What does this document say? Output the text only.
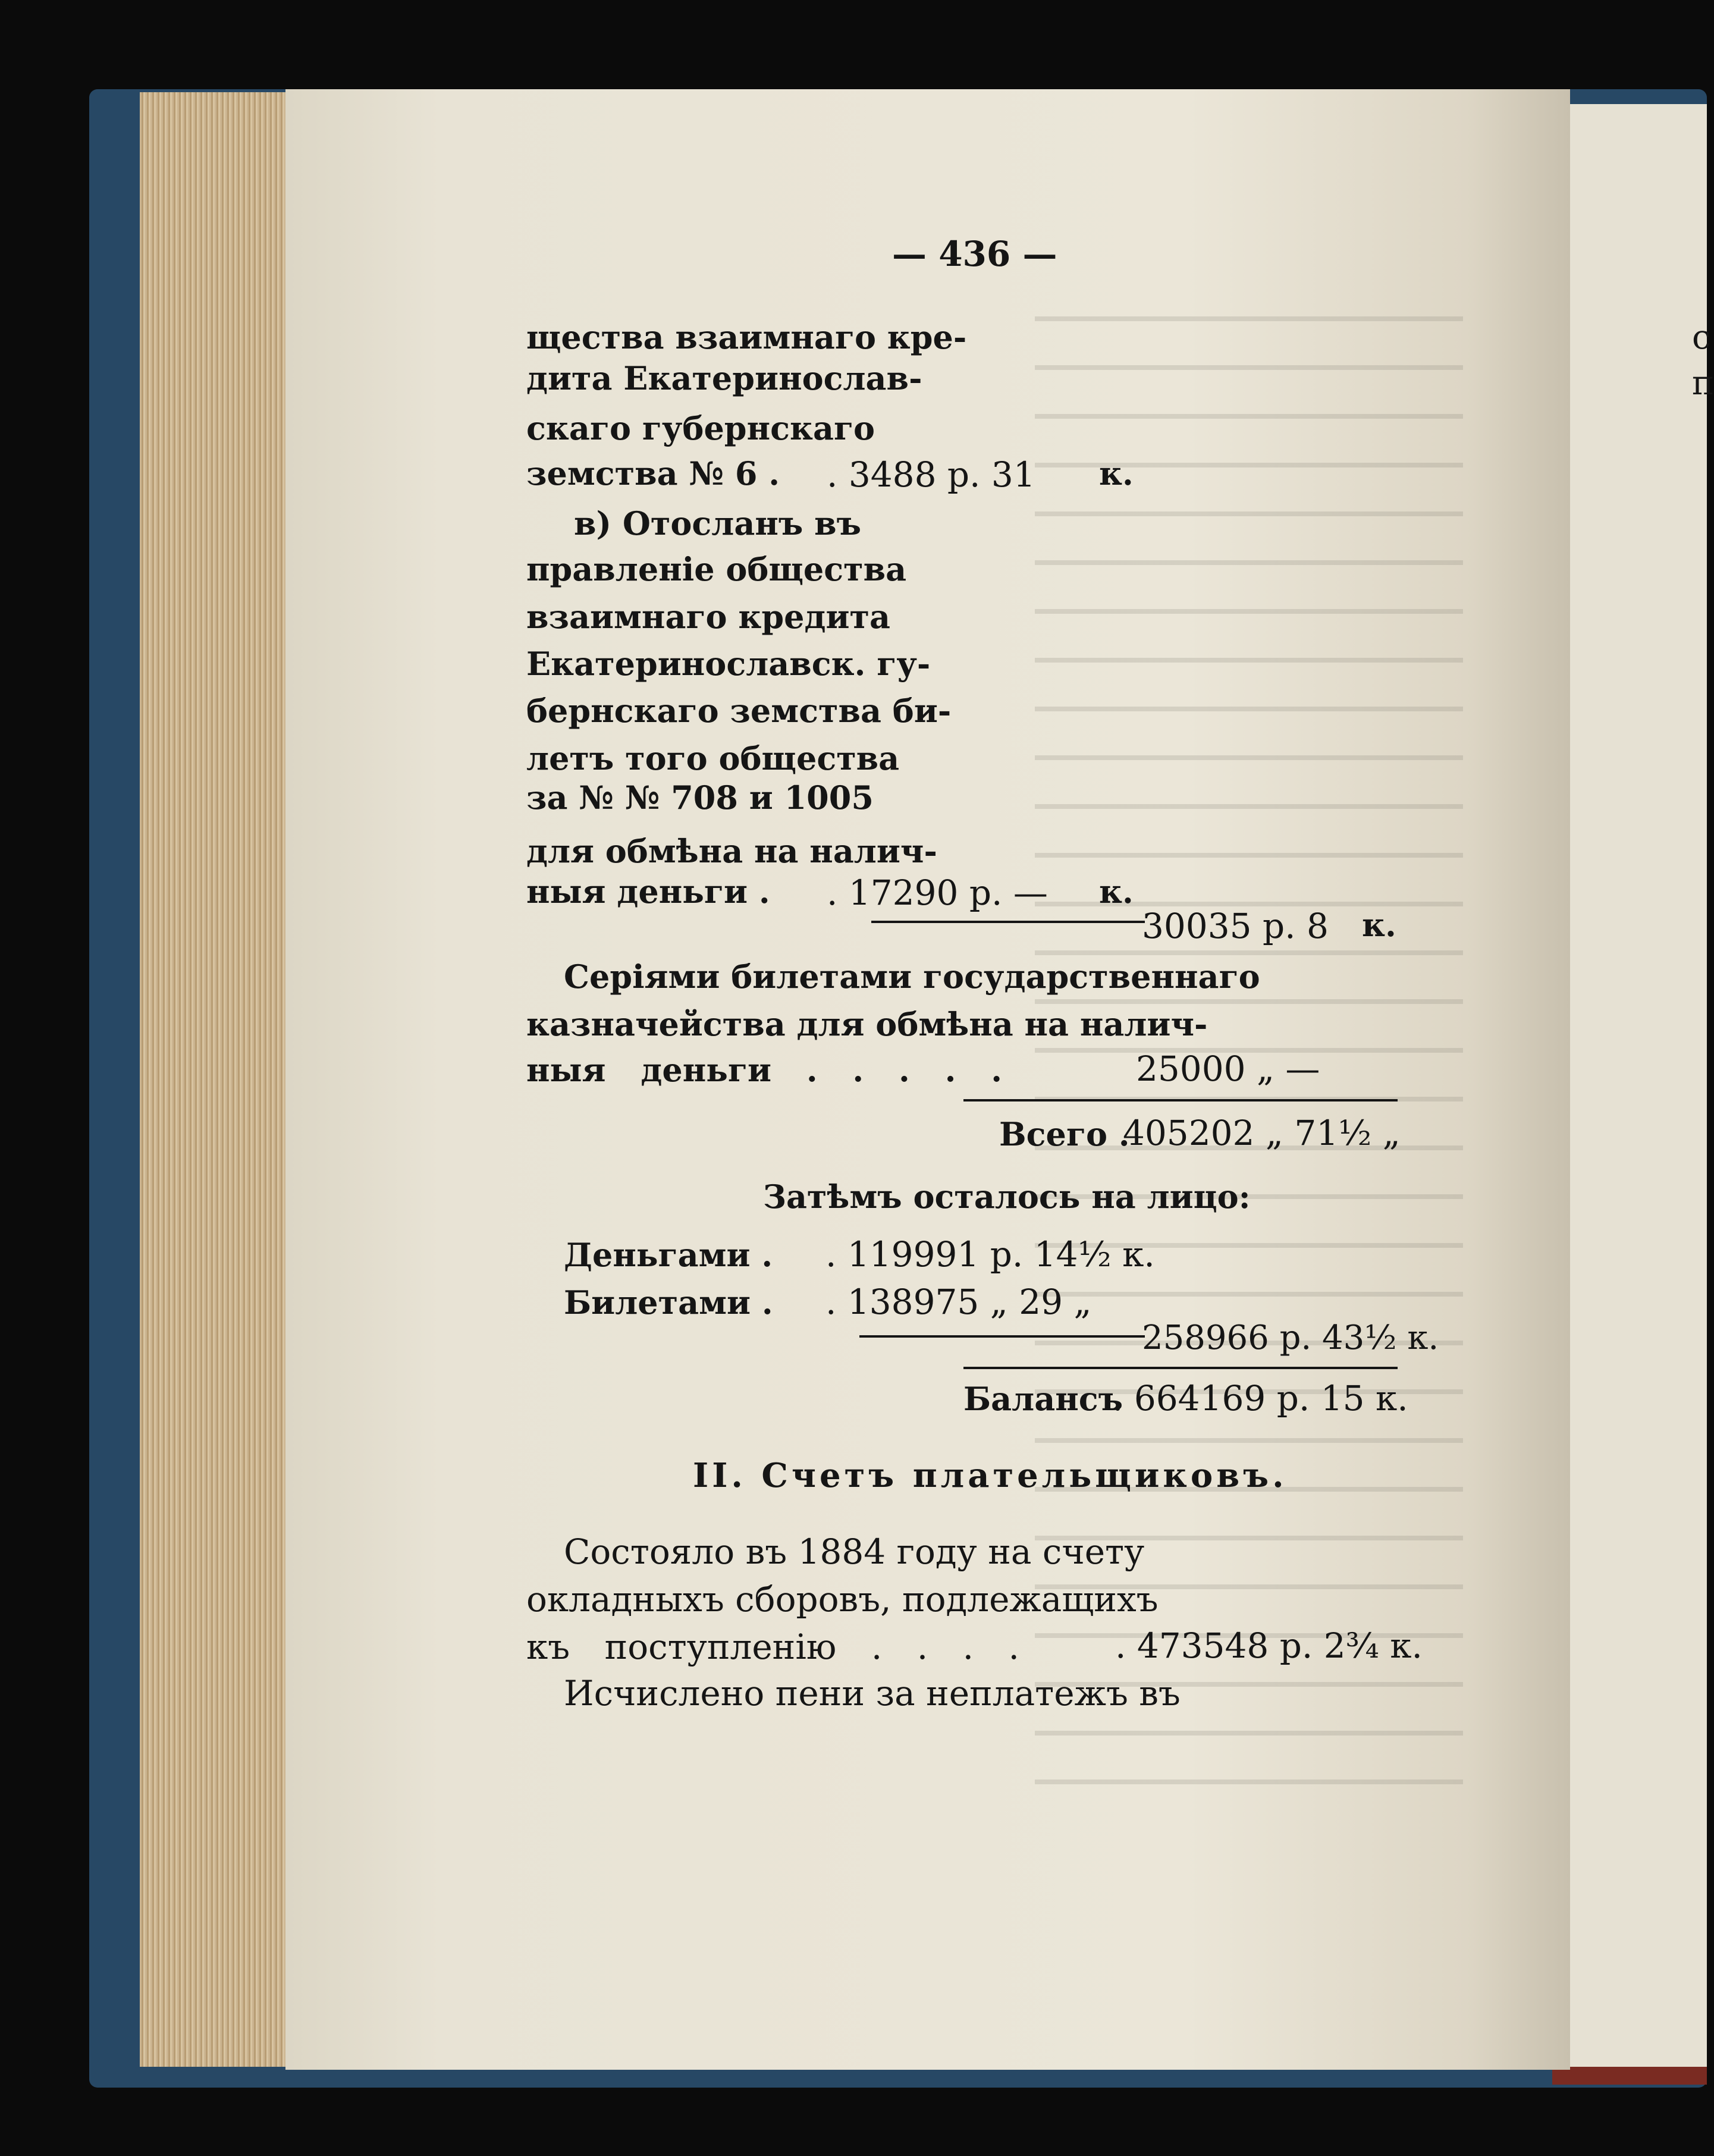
— 436 —
щества взаимнаго кре-
дита Екатеринослав-
скаго губернскаго
земства № 6 .
в) Отосланъ въ
правленіе общества
взаимнаго кредита
Екатеринославск. гу-
бернскаго земства би-
летъ того общества
за № № 708 и 1005
для обмѣна на налич-
ныя деньги .
. 3488 р. 31 к.
. 17290 р. — к.
30035 р. 8 к.
Серіями билетами государственнаго
казначейства для обмѣна на налич-
ныя деньги . . . . .	25000 „ —
Всего .
405202 „ 71½ „
Затѣмъ осталось на лицо:
Деньгами . . 119991 р. 14½ к.
Билетами . . 138975 „ 29 „
258966 р. 43½ к.
Балансъ
. 664169 р. 15 к.
II. Счетъ плательщиковъ.
Состояло въ 1884 году на счету
окладныхъ сборовъ, подлежащихъ
къ поступленію . . . .	. 473548 р. 2¾ к.
Исчислено пени за неплатежъ въ
с
п
